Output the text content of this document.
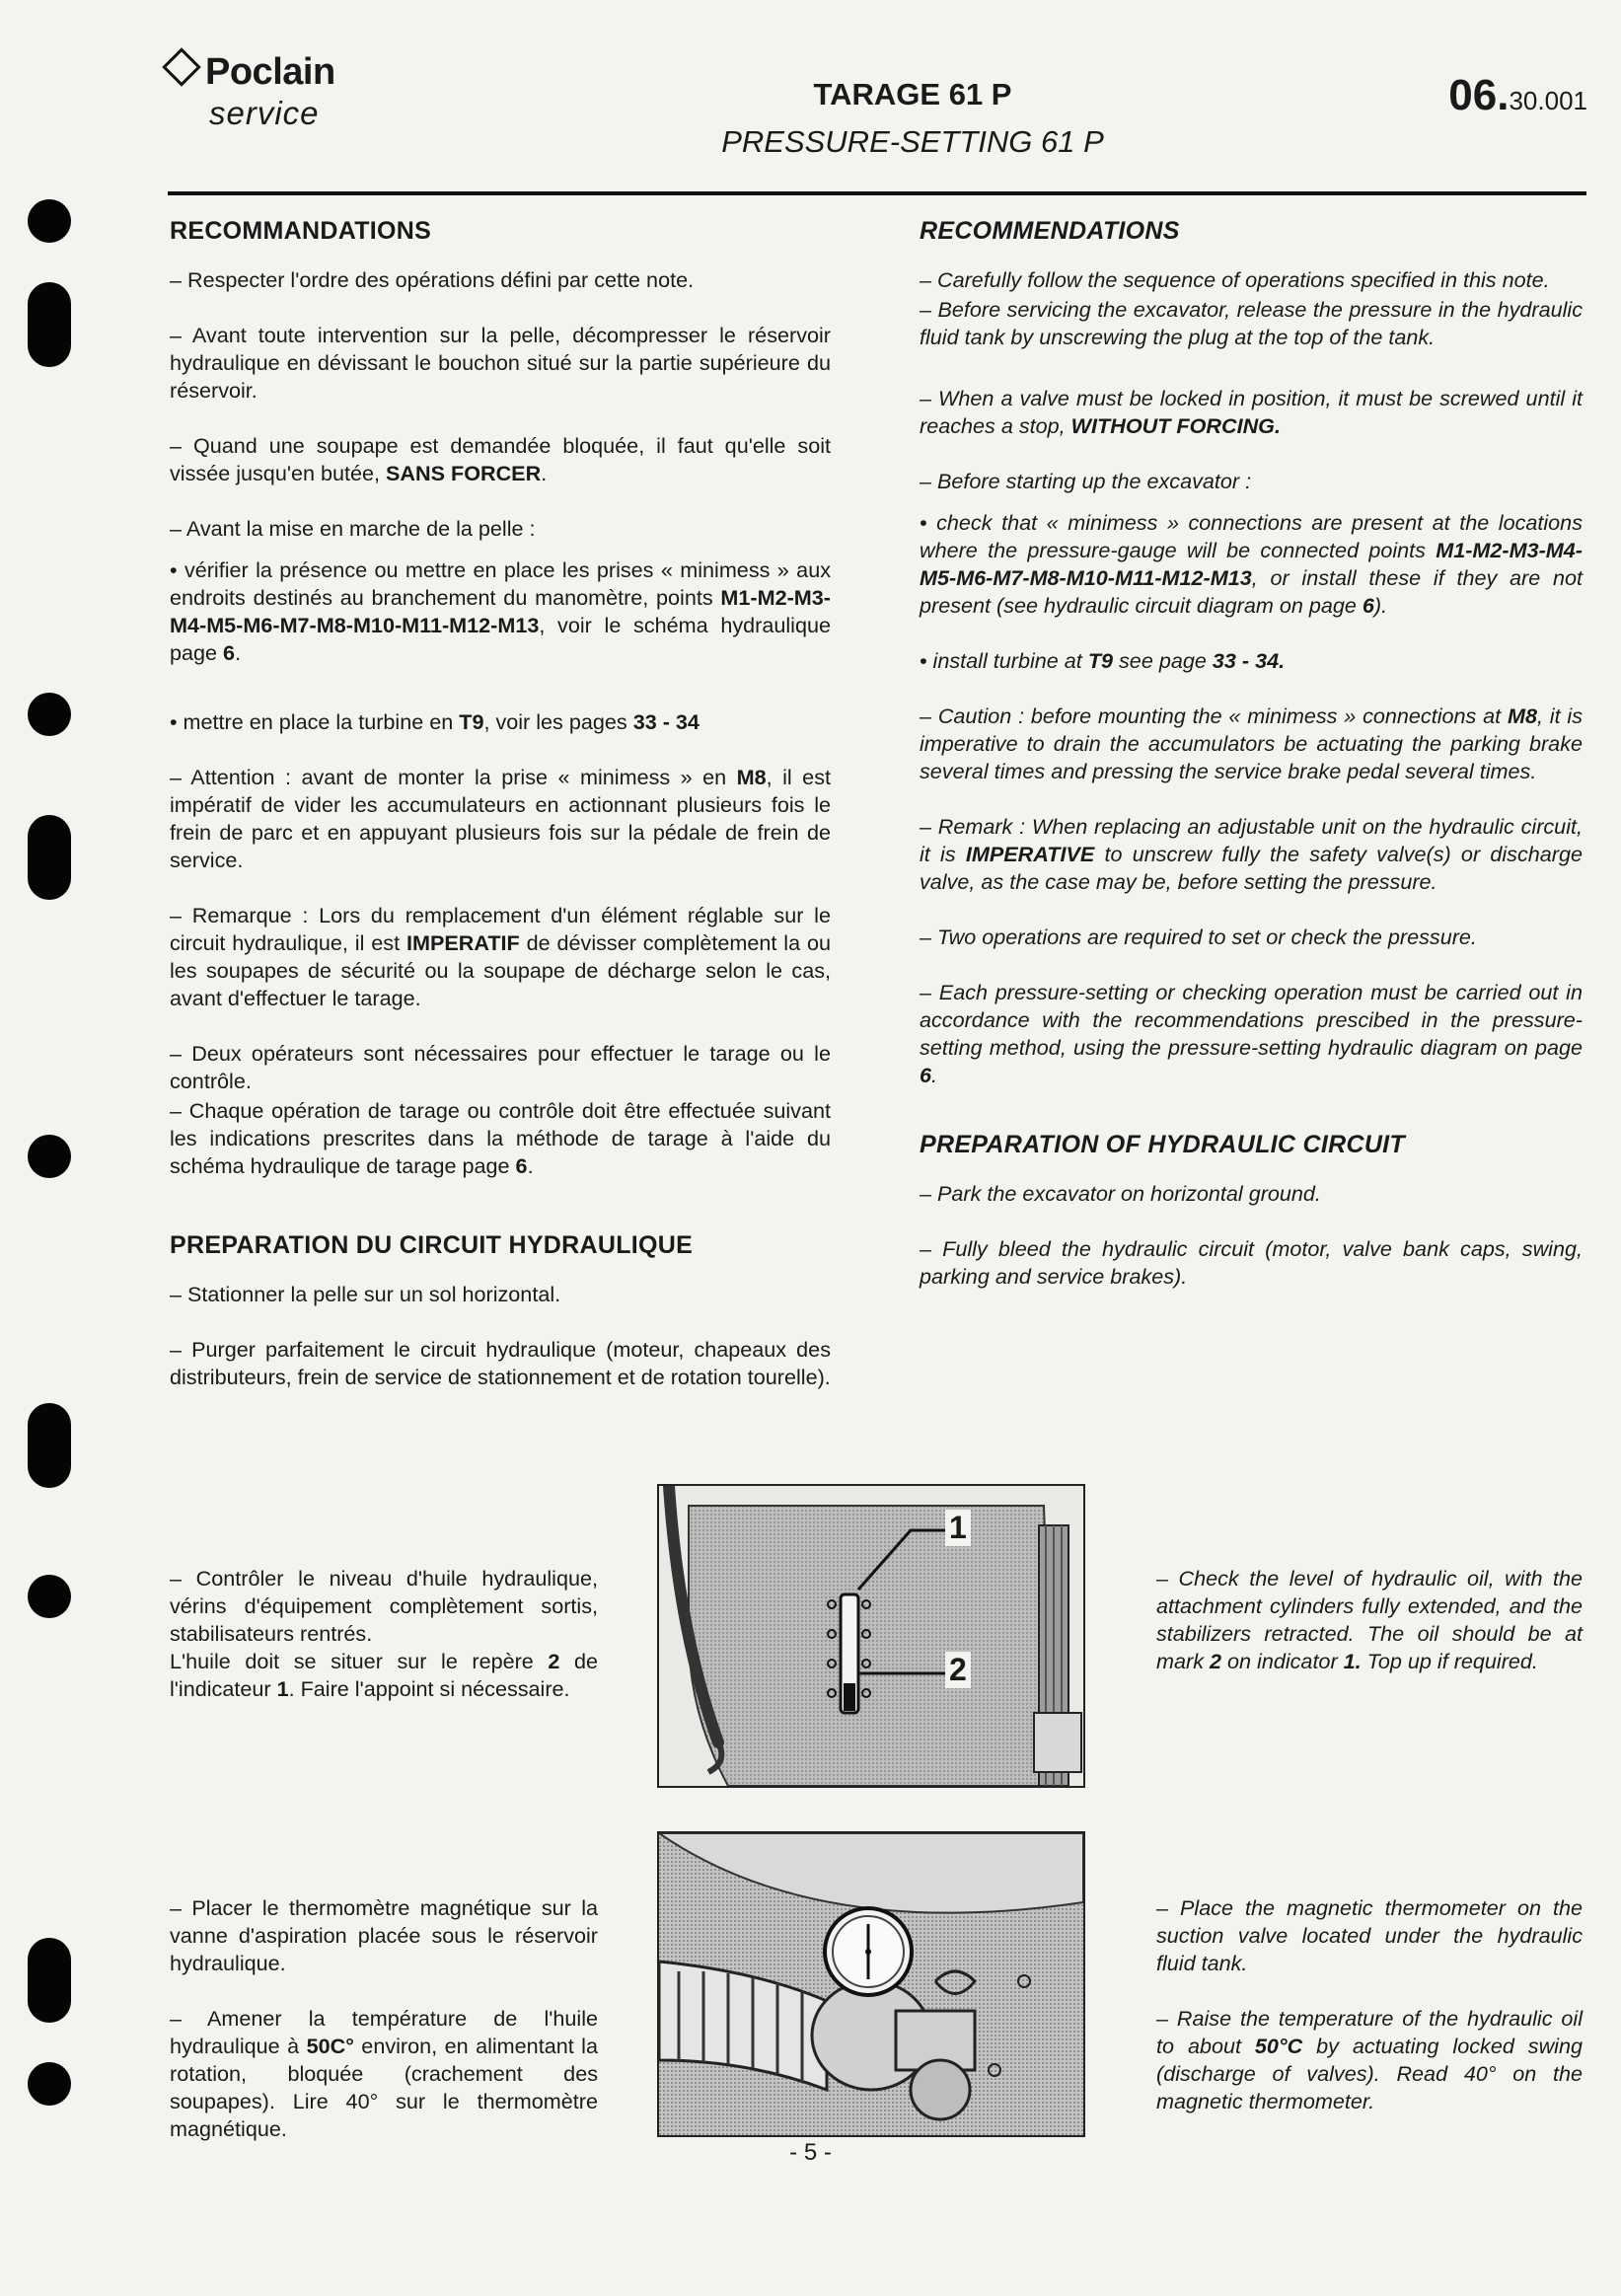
Poclain
service
TARAGE 61 P
PRESSURE-SETTING 61 P
06.30.001
RECOMMANDATIONS

– Respecter l'ordre des opérations défini par cette note.

– Avant toute intervention sur la pelle, décompresser le réservoir hydraulique en dévissant le bouchon situé sur la partie supérieure du réservoir.

– Quand une soupape est demandée bloquée, il faut qu'elle soit vissée jusqu'en butée, SANS FORCER.

– Avant la mise en marche de la pelle :

• vérifier la présence ou mettre en place les prises « minimess » aux endroits destinés au branchement du manomètre, points M1-M2-M3-M4-M5-M6-M7-M8-M10-M11-M12-M13, voir le schéma hydraulique page 6.

• mettre en place la turbine en T9, voir les pages 33 - 34

– Attention : avant de monter la prise « minimess » en M8, il est impératif de vider les accumulateurs en actionnant plusieurs fois le frein de parc et en appuyant plusieurs fois sur la pédale de frein de service.

– Remarque : Lors du remplacement d'un élément réglable sur le circuit hydraulique, il est IMPERATIF de dévisser complètement la ou les soupapes de sécurité ou la soupape de décharge selon le cas, avant d'effectuer le tarage.

– Deux opérateurs sont nécessaires pour effectuer le tarage ou le contrôle.

– Chaque opération de tarage ou contrôle doit être effectuée suivant les indications prescrites dans la méthode de tarage à l'aide du schéma hydraulique de tarage page 6.

PREPARATION DU CIRCUIT HYDRAULIQUE

– Stationner la pelle sur un sol horizontal.

– Purger parfaitement le circuit hydraulique (moteur, chapeaux des distributeurs, frein de service de stationnement et de rotation tourelle).

RECOMMENDATIONS

– Carefully follow the sequence of operations specified in this note.

– Before servicing the excavator, release the pressure in the hydraulic fluid tank by unscrewing the plug at the top of the tank.

– When a valve must be locked in position, it must be screwed until it reaches a stop, WITHOUT FORCING.

– Before starting up the excavator :

• check that « minimess » connections are present at the locations where the pressure-gauge will be connected points M1-M2-M3-M4-M5-M6-M7-M8-M10-M11-M12-M13, or install these if they are not present (see hydraulic circuit diagram on page 6).

• install turbine at T9 see page 33 - 34.

– Caution : before mounting the « minimess » connections at M8, it is imperative to drain the accumulators be actuating the parking brake several times and pressing the service brake pedal several times.

– Remark : When replacing an adjustable unit on the hydraulic circuit, it is IMPERATIVE to unscrew fully the safety valve(s) or discharge valve, as the case may be, before setting the pressure.

– Two operations are required to set or check the pressure.

– Each pressure-setting or checking operation must be carried out in accordance with the recommendations prescibed in the pressure-setting method, using the pressure-setting hydraulic diagram on page 6.

PREPARATION OF HYDRAULIC CIRCUIT

– Park the excavator on horizontal ground.

– Fully bleed the hydraulic circuit (motor, valve bank caps, swing, parking and service brakes).

– Contrôler le niveau d'huile hydraulique, vérins d'équipement complètement sortis, stabilisateurs rentrés.

L'huile doit se situer sur le repère 2 de l'indicateur 1. Faire l'appoint si nécessaire.

– Placer le thermomètre magnétique sur la vanne d'aspiration placée sous le réservoir hydraulique.

– Amener la température de l'huile hydraulique à 50C° environ, en alimentant la rotation, bloquée (crachement des soupapes). Lire 40° sur le thermomètre magnétique.

– Check the level of hydraulic oil, with the attachment cylinders fully extended, and the stabilizers retracted. The oil should be at mark 2 on indicator 1. Top up if required.

– Place the magnetic thermometer on the suction valve located under the hydraulic fluid tank.

– Raise the temperature of the hydraulic oil to about 50°C by actuating locked swing (discharge of valves). Read 40° on the magnetic thermometer.

1
2
- 5 -
